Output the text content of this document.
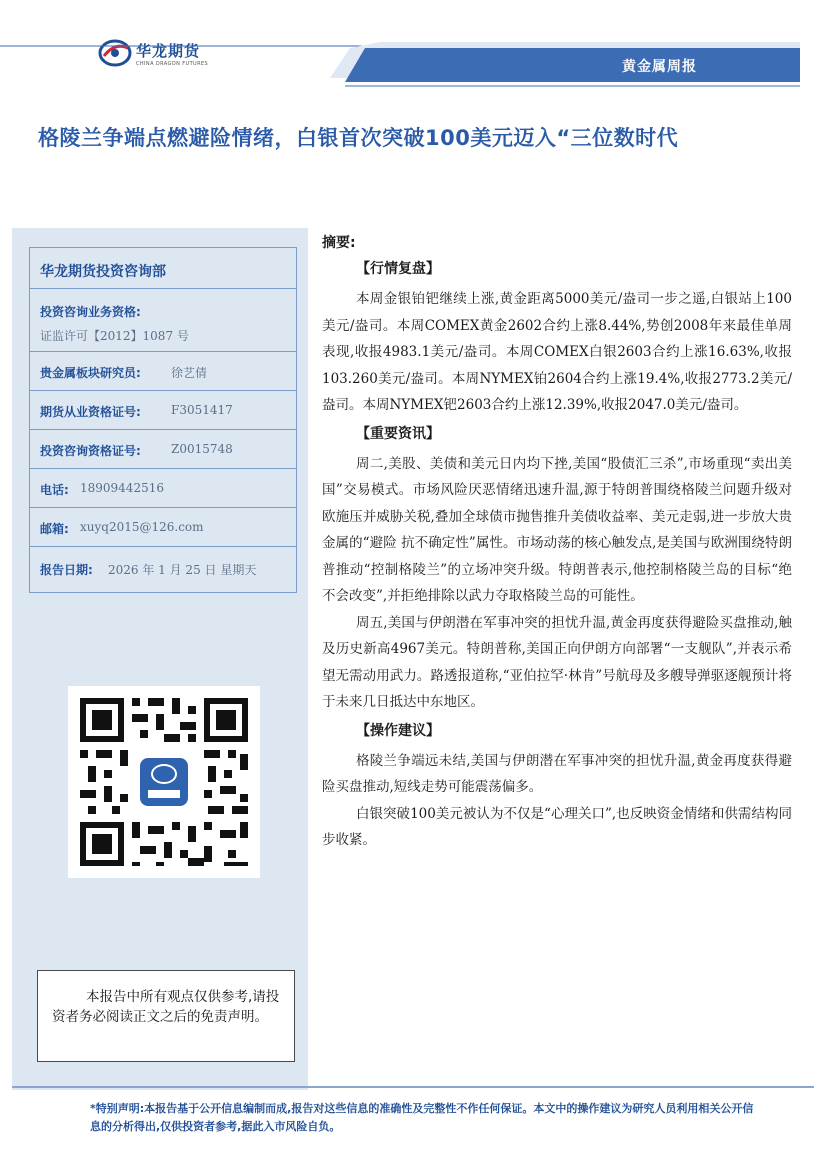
华龙期货
CHINA DRAGON FUTURES	黄金属周报
格陵兰争端点燃避险情绪，白银首次突破100美元迈入“三位数时代
华龙期货投资咨询部
投资咨询业务资格:
证监许可【2012】1087 号
贵金属板块研究员:	徐艺倩
期货从业资格证号:	F3051417
投资咨询资格证号:	Z0015748
电话: 18909442516
邮箱: xuyq2015@126.com
报告日期: 2026 年 1 月 25 日 星期天

本报告中所有观点仅供参考,请投资者务必阅读正文之后的免责声明。

摘要:
【行情复盘】

本周金银铂钯继续上涨,黄金距离5000美元/盎司一步之遥,白银站上100美元/盎司。本周COMEX黄金2602合约上涨8.44%,势创2008年来最佳单周表现,收报4983.1美元/盎司。本周COMEX白银2603合约上涨16.63%,收报103.260美元/盎司。本周NYMEX铂2604合约上涨19.4%,收报2773.2美元/盎司。本周NYMEX钯2603合约上涨12.39%,收报2047.0美元/盎司。

【重要资讯】

周二,美股、美债和美元日内均下挫,美国“股债汇三杀”,市场重现“卖出美国”交易模式。市场风险厌恶情绪迅速升温,源于特朗普围绕格陵兰问题升级对欧施压并威胁关税,叠加全球债市抛售推升美债收益率、美元走弱,进一步放大贵金属的“避险 抗不确定性”属性。市场动荡的核心触发点,是美国与欧洲围绕特朗普推动“控制格陵兰”的立场冲突升级。特朗普表示,他控制格陵兰岛的目标“绝不会改变”,并拒绝排除以武力夺取格陵兰岛的可能性。

周五,美国与伊朗潜在军事冲突的担忧升温,黄金再度获得避险买盘推动,触及历史新高4967美元。特朗普称,美国正向伊朗方向部署“一支舰队”,并表示希望无需动用武力。路透报道称,“亚伯拉罕·林肯”号航母及多艘导弹驱逐舰预计将于未来几日抵达中东地区。

【操作建议】

格陵兰争端远未结,美国与伊朗潜在军事冲突的担忧升温,黄金再度获得避险买盘推动,短线走势可能震荡偏多。

白银突破100美元被认为不仅是“心理关口”,也反映资金情绪和供需结构同步收紧。

*特别声明:本报告基于公开信息编制而成,报告对这些信息的准确性及完整性不作任何保证。本文中的操作建议为研究人员利用相关公开信息的分析得出,仅供投资者参考,据此入市风险自负。
